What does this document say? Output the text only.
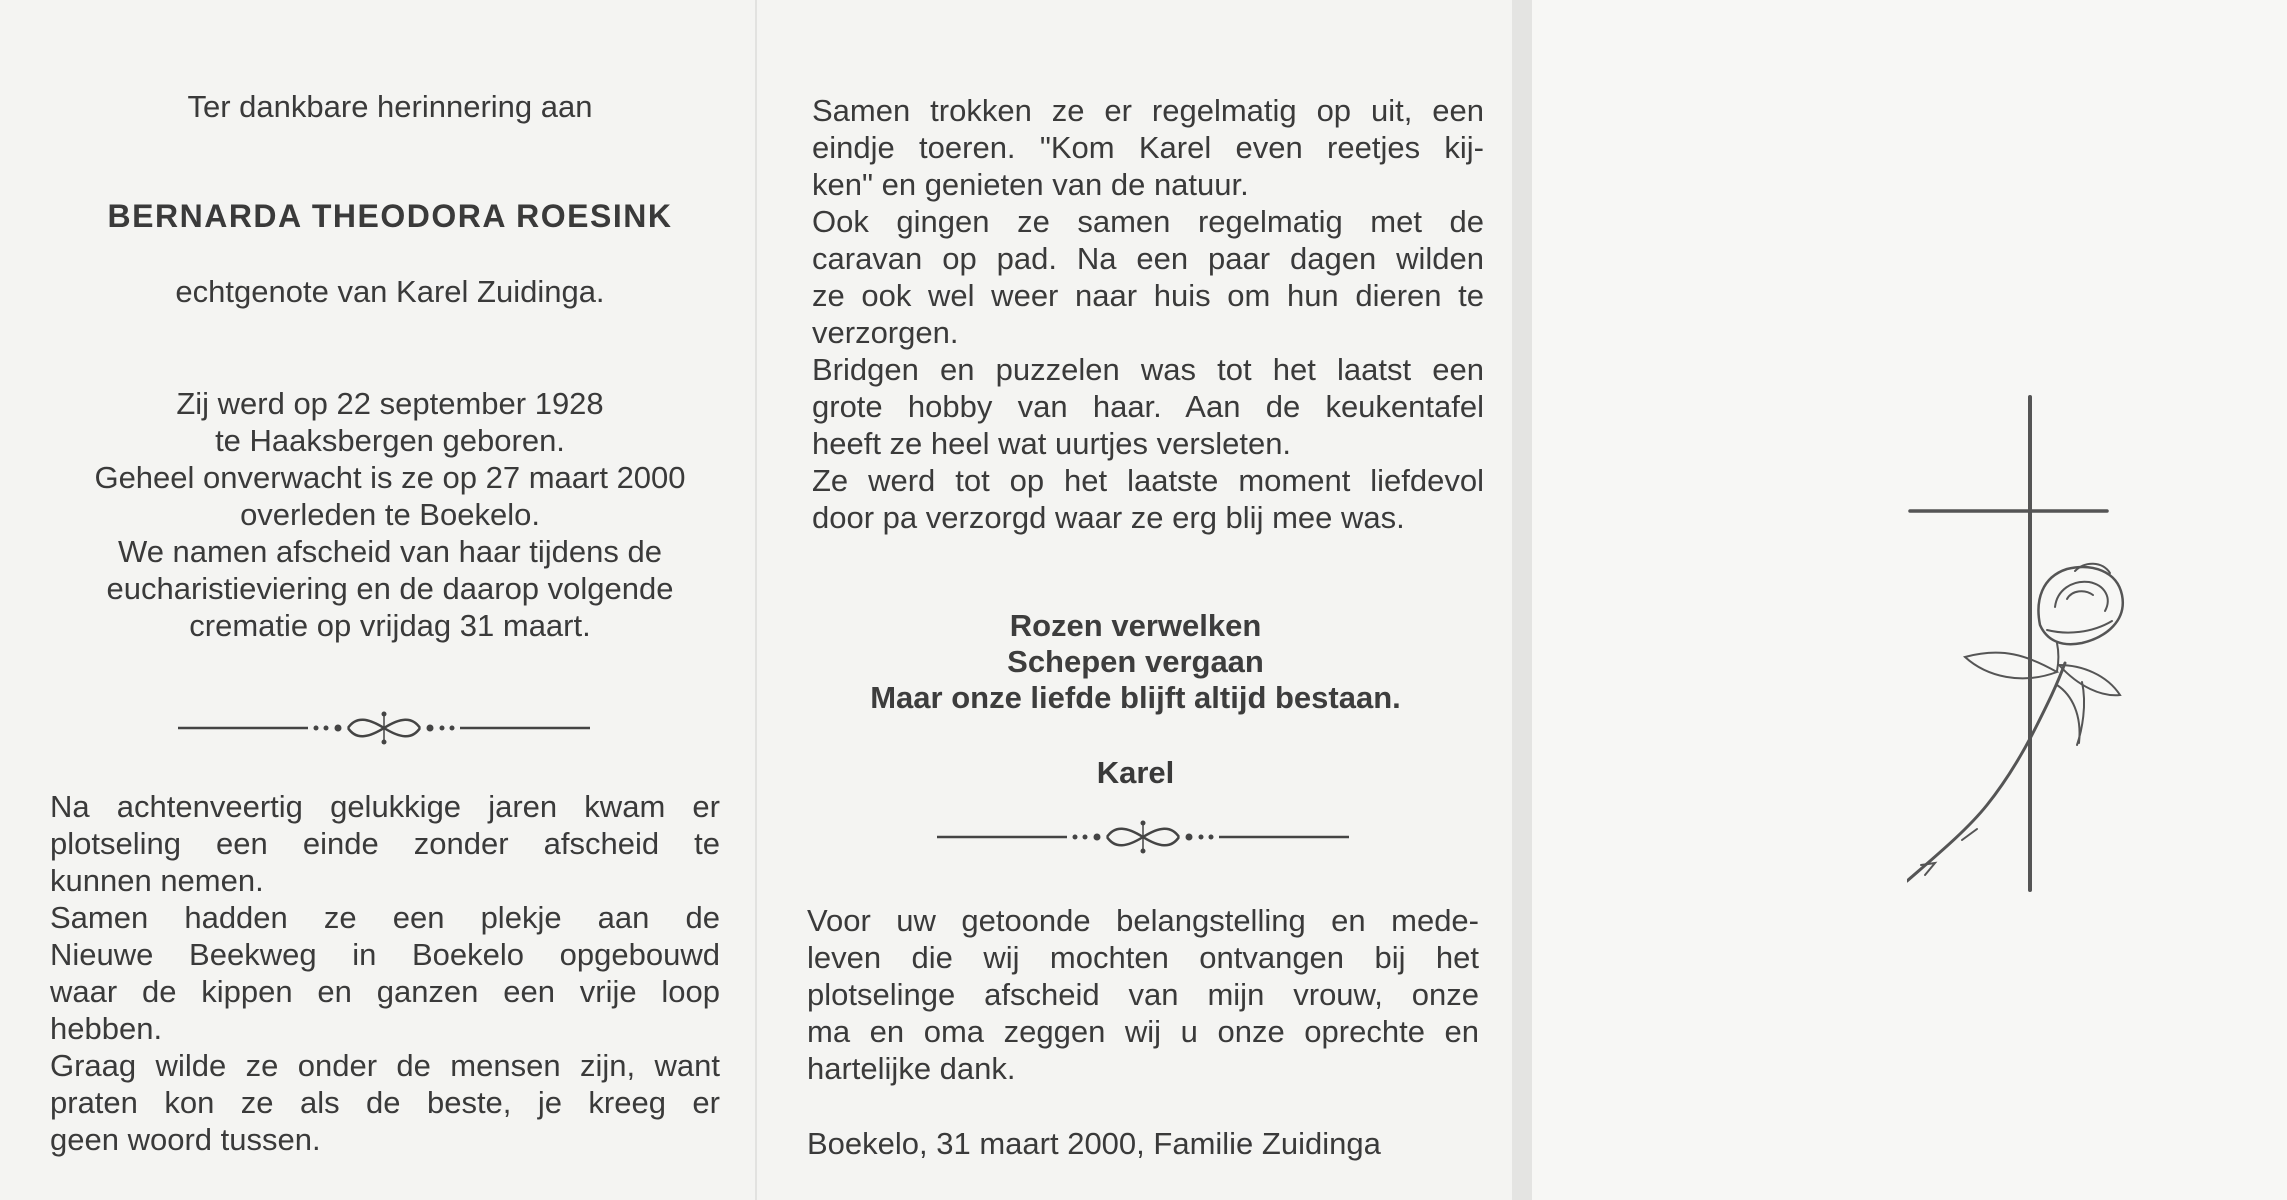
Ter dankbare herinnering aan
BERNARDA THEODORA ROESINK
echtgenote van Karel Zuidinga.
Zij werd op 22 september 1928
te Haaksbergen geboren.
Geheel onverwacht is ze op 27 maart 2000
overleden te Boekelo.
We namen afscheid van haar tijdens de
eucharistieviering en de daarop volgende
crematie op vrijdag 31 maart.
Na achtenveertig gelukkige jaren kwam er
plotseling een einde zonder afscheid te
kunnen nemen.
Samen hadden ze een plekje aan de
Nieuwe Beekweg in Boekelo opgebouwd
waar de kippen en ganzen een vrije loop
hebben.
Graag wilde ze onder de mensen zijn, want
praten kon ze als de beste, je kreeg er
geen woord tussen.
Samen trokken ze er regelmatig op uit, een
eindje toeren. "Kom Karel even reetjes kij-
ken" en genieten van de natuur.
Ook gingen ze samen regelmatig met de
caravan op pad. Na een paar dagen wilden
ze ook wel weer naar huis om hun dieren te
verzorgen.
Bridgen en puzzelen was tot het laatst een
grote hobby van haar. Aan de keukentafel
heeft ze heel wat uurtjes versleten.
Ze werd tot op het laatste moment liefdevol
door pa verzorgd waar ze erg blij mee was.
Rozen verwelken
Schepen vergaan
Maar onze liefde blijft altijd bestaan.
Karel
Voor uw getoonde belangstelling en mede-
leven die wij mochten ontvangen bij het
plotselinge afscheid van mijn vrouw, onze
ma en oma zeggen wij u onze oprechte en
hartelijke dank.
Boekelo, 31 maart 2000, Familie Zuidinga
